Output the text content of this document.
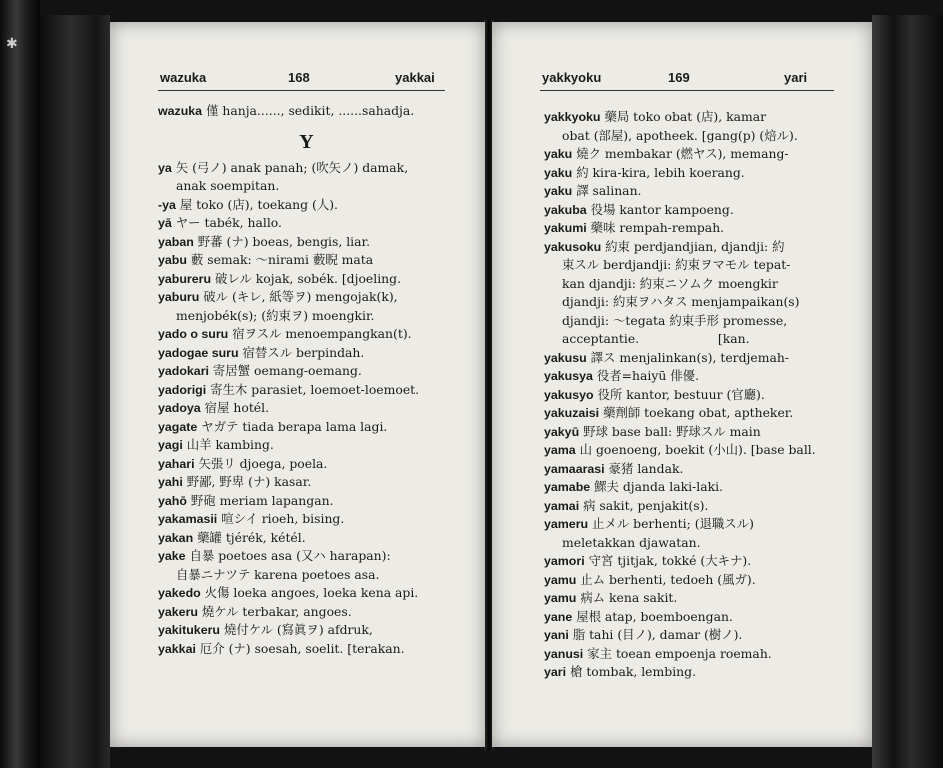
✱
wazuka	168	yakkai
wazuka 僅 hanja......, sedikit, ......sahadja.
Y
ya 矢 (弓ノ) anak panah; (吹矢ノ) damak,
anak soempitan.
-ya 屋 toko (店), toekang (人).
yā ヤー tabék, hallo.
yaban 野蕃 (ナ) boeas, bengis, liar.
yabu 藪 semak: ～nirami 藪睨 mata
yabureru 破レル kojak, sobék. [djoeling.
yaburu 破ル (キレ, 紙等ヲ) mengojak(k),
menjobék(s); (約束ヲ) moengkir.
yado o suru 宿ヲスル menoempangkan(t).
yadogae suru 宿替スル berpindah.
yadokari 寄居蟹 oemang-oemang.
yadorigi 寄生木 parasiet, loemoet-loemoet.
yadoya 宿屋 hotél.
yagate ヤガテ tiada berapa lama lagi.
yagi 山羊 kambing.
yahari 矢張リ djoega, poela.
yahi 野鄙, 野卑 (ナ) kasar.
yahō 野砲 meriam lapangan.
yakamasii 喧シイ rioeh, bising.
yakan 藥罐 tjérék, kétél.
yake 自暴 poetoes asa (又ハ harapan):
自暴ニナツテ karena poetoes asa.
yakedo 火傷 loeka angoes, loeka kena api.
yakeru 燒ケル terbakar, angoes.
yakitukeru 燒付ケル (寫眞ヲ) afdruk,
yakkai 厄介 (ナ) soesah, soelit. [terakan.
yakkyoku	169	yari
yakkyoku 藥局 toko obat (店), kamar
obat (部屋), apotheek. [gang(p) (焙ル).
yaku 燒ク membakar (燃ヤス), memang-
yaku 約 kira-kira, lebih koerang.
yaku 譯 salinan.
yakuba 役場 kantor kampoeng.
yakumi 藥味 rempah-rempah.
yakusoku 約束 perdjandjian, djandji: 約
束スル berdjandji: 約束ヲマモル tepat-
kan djandji: 約束ニソムク moengkir
djandji: 約束ヲハタス menjampaikan(s)
djandji: ～tegata 約束手形 promesse,
acceptantie.                    [kan.
yakusu 譯ス menjalinkan(s), terdjemah-
yakusya 役者=haiyū 俳優.
yakusyo 役所 kantor, bestuur (官廳).
yakuzaisi 藥劑師 toekang obat, aptheker.
yakyū 野球 base ball: 野球スル main
yama 山 goenoeng, boekit (小山). [base ball.
yamaarasi 豪猪 landak.
yamabe 鰥夫 djanda laki-laki.
yamai 病 sakit, penjakit(s).
yameru 止メル berhenti; (退職スル)
meletakkan djawatan.
yamori 守宮 tjitjak, tokké (大キナ).
yamu 止ム berhenti, tedoeh (風ガ).
yamu 病ム kena sakit.
yane 屋根 atap, boemboengan.
yani 脂 tahi (目ノ), damar (樹ノ).
yanusi 家主 toean empoenja roemah.
yari 槍 tombak, lembing.
